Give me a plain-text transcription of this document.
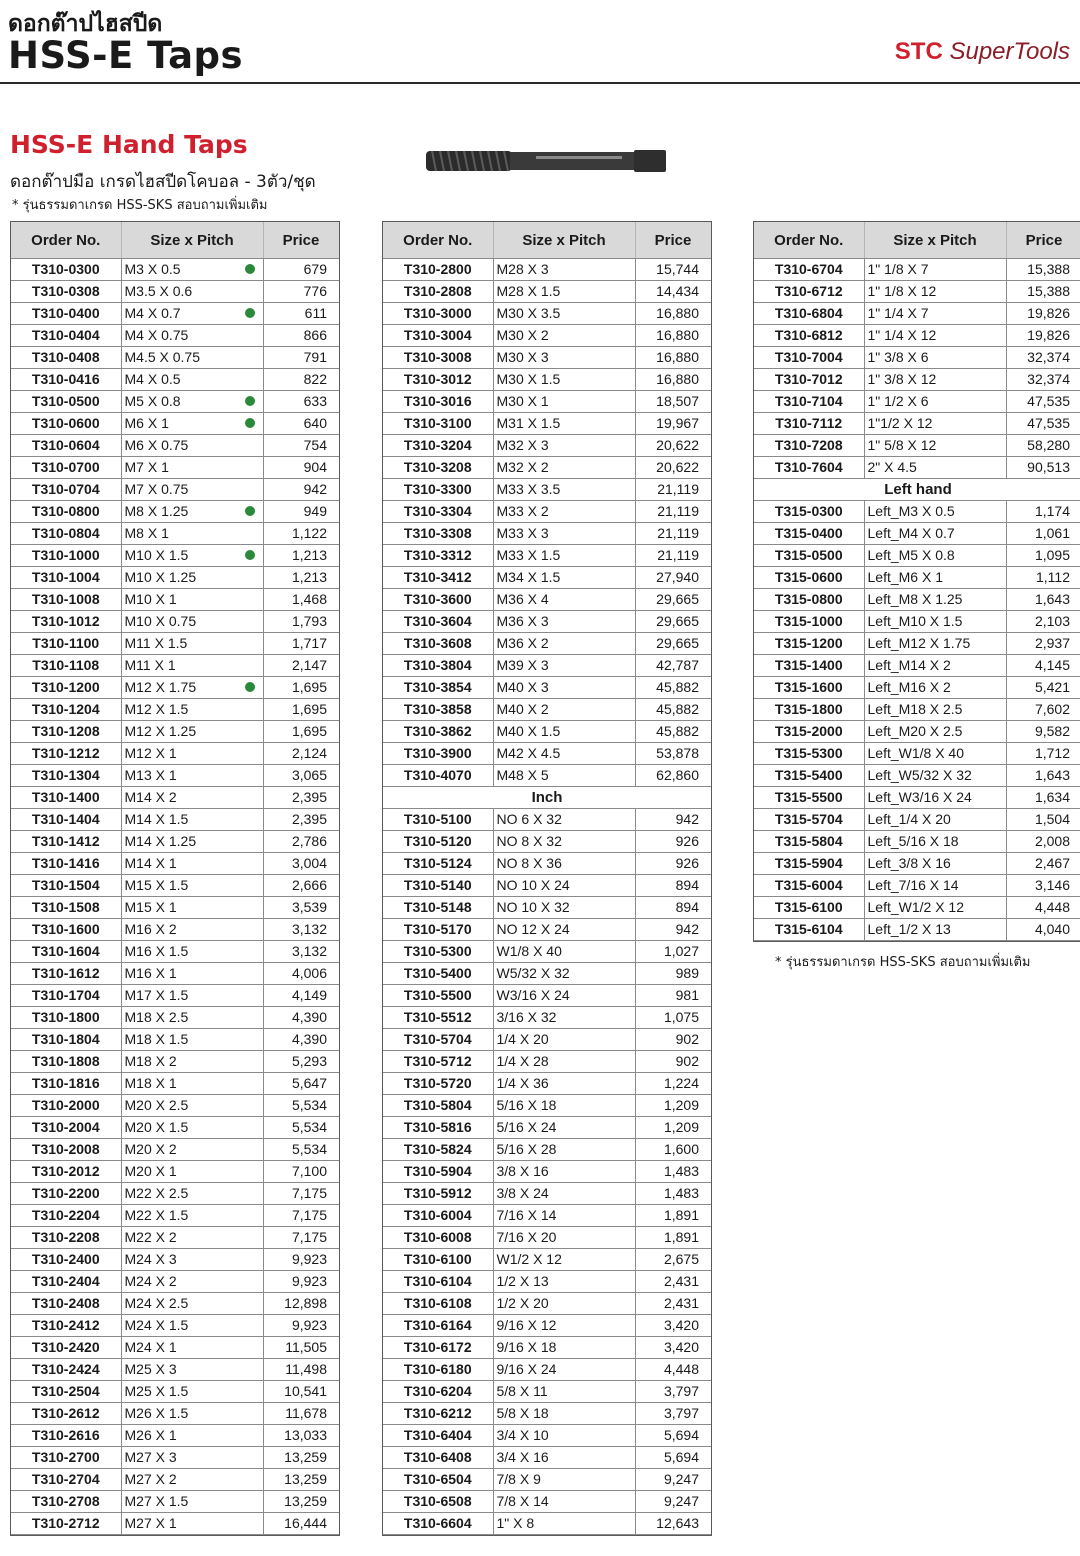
ดอกต๊าปไฮสปีด
HSS-E Taps	STC SuperTools
HSS-E Hand Taps
ดอกต๊าปมือ เกรดไฮสปีดโคบอล - 3ตัว/ชุด
* รุ่นธรรมดาเกรด HSS-SKS สอบถามเพิ่มเติม
Order No.	Size x Pitch	Price
T310-0300	M3 X 0.5	679
T310-0308	M3.5 X 0.6	776
T310-0400	M4 X 0.7	611
T310-0404	M4 X 0.75	866
T310-0408	M4.5 X 0.75	791
T310-0416	M4 X 0.5	822
T310-0500	M5 X 0.8	633
T310-0600	M6 X 1	640
T310-0604	M6 X 0.75	754
T310-0700	M7 X 1	904
T310-0704	M7 X 0.75	942
T310-0800	M8 X 1.25	949
T310-0804	M8 X 1	1,122
T310-1000	M10 X 1.5	1,213
T310-1004	M10 X 1.25	1,213
T310-1008	M10 X 1	1,468
T310-1012	M10 X 0.75	1,793
T310-1100	M11 X 1.5	1,717
T310-1108	M11 X 1	2,147
T310-1200	M12 X 1.75	1,695
T310-1204	M12 X 1.5	1,695
T310-1208	M12 X 1.25	1,695
T310-1212	M12 X 1	2,124
T310-1304	M13 X 1	3,065
T310-1400	M14 X 2	2,395
T310-1404	M14 X 1.5	2,395
T310-1412	M14 X 1.25	2,786
T310-1416	M14 X 1	3,004
T310-1504	M15 X 1.5	2,666
T310-1508	M15 X 1	3,539
T310-1600	M16 X 2	3,132
T310-1604	M16 X 1.5	3,132
T310-1612	M16 X 1	4,006
T310-1704	M17 X 1.5	4,149
T310-1800	M18 X 2.5	4,390
T310-1804	M18 X 1.5	4,390
T310-1808	M18 X 2	5,293
T310-1816	M18 X 1	5,647
T310-2000	M20 X 2.5	5,534
T310-2004	M20 X 1.5	5,534
T310-2008	M20 X 2	5,534
T310-2012	M20 X 1	7,100
T310-2200	M22 X 2.5	7,175
T310-2204	M22 X 1.5	7,175
T310-2208	M22 X 2	7,175
T310-2400	M24 X 3	9,923
T310-2404	M24 X 2	9,923
T310-2408	M24 X 2.5	12,898
T310-2412	M24 X 1.5	9,923
T310-2420	M24 X 1	11,505
T310-2424	M25 X 3	11,498
T310-2504	M25 X 1.5	10,541
T310-2612	M26 X 1.5	11,678
T310-2616	M26 X 1	13,033
T310-2700	M27 X 3	13,259
T310-2704	M27 X 2	13,259
T310-2708	M27 X 1.5	13,259
T310-2712	M27 X 1	16,444
Order No.	Size x Pitch	Price
T310-2800	M28 X 3	15,744
T310-2808	M28 X 1.5	14,434
T310-3000	M30 X 3.5	16,880
T310-3004	M30 X 2	16,880
T310-3008	M30 X 3	16,880
T310-3012	M30 X 1.5	16,880
T310-3016	M30 X 1	18,507
T310-3100	M31 X 1.5	19,967
T310-3204	M32 X 3	20,622
T310-3208	M32 X 2	20,622
T310-3300	M33 X 3.5	21,119
T310-3304	M33 X 2	21,119
T310-3308	M33 X 3	21,119
T310-3312	M33 X 1.5	21,119
T310-3412	M34 X 1.5	27,940
T310-3600	M36 X 4	29,665
T310-3604	M36 X 3	29,665
T310-3608	M36 X 2	29,665
T310-3804	M39 X 3	42,787
T310-3854	M40 X 3	45,882
T310-3858	M40 X 2	45,882
T310-3862	M40 X 1.5	45,882
T310-3900	M42 X 4.5	53,878
T310-4070	M48 X 5	62,860
Inch		
T310-5100	NO 6 X 32	942
T310-5120	NO 8 X 32	926
T310-5124	NO 8 X 36	926
T310-5140	NO 10 X 24	894
T310-5148	NO 10 X 32	894
T310-5170	NO 12 X 24	942
T310-5300	W1/8 X 40	1,027
T310-5400	W5/32 X 32	989
T310-5500	W3/16 X 24	981
T310-5512	3/16 X 32	1,075
T310-5704	1/4 X 20	902
T310-5712	1/4 X 28	902
T310-5720	1/4 X 36	1,224
T310-5804	5/16 X 18	1,209
T310-5816	5/16 X 24	1,209
T310-5824	5/16 X 28	1,600
T310-5904	3/8 X 16	1,483
T310-5912	3/8 X 24	1,483
T310-6004	7/16 X 14	1,891
T310-6008	7/16 X 20	1,891
T310-6100	W1/2 X 12	2,675
T310-6104	1/2 X 13	2,431
T310-6108	1/2 X 20	2,431
T310-6164	9/16 X 12	3,420
T310-6172	9/16 X 18	3,420
T310-6180	9/16 X 24	4,448
T310-6204	5/8 X 11	3,797
T310-6212	5/8 X 18	3,797
T310-6404	3/4 X 10	5,694
T310-6408	3/4 X 16	5,694
T310-6504	7/8 X 9	9,247
T310-6508	7/8 X 14	9,247
T310-6604	1" X 8	12,643
Order No.	Size x Pitch	Price
T310-6704	1" 1/8 X 7	15,388
T310-6712	1" 1/8 X 12	15,388
T310-6804	1" 1/4 X 7	19,826
T310-6812	1" 1/4 X 12	19,826
T310-7004	1" 3/8 X 6	32,374
T310-7012	1" 3/8 X 12	32,374
T310-7104	1" 1/2 X 6	47,535
T310-7112	1"1/2 X 12	47,535
T310-7208	1" 5/8 X 12	58,280
T310-7604	2" X 4.5	90,513
Left hand		
T315-0300	Left_M3 X 0.5	1,174
T315-0400	Left_M4 X 0.7	1,061
T315-0500	Left_M5 X 0.8	1,095
T315-0600	Left_M6 X 1	1,112
T315-0800	Left_M8 X 1.25	1,643
T315-1000	Left_M10 X 1.5	2,103
T315-1200	Left_M12 X 1.75	2,937
T315-1400	Left_M14 X 2	4,145
T315-1600	Left_M16 X 2	5,421
T315-1800	Left_M18 X 2.5	7,602
T315-2000	Left_M20 X 2.5	9,582
T315-5300	Left_W1/8 X 40	1,712
T315-5400	Left_W5/32 X 32	1,643
T315-5500	Left_W3/16 X 24	1,634
T315-5704	Left_1/4 X 20	1,504
T315-5804	Left_5/16 X 18	2,008
T315-5904	Left_3/8 X 16	2,467
T315-6004	Left_7/16 X 14	3,146
T315-6100	Left_W1/2 X 12	4,448
T315-6104	Left_1/2 X 13	4,040
* รุ่นธรรมดาเกรด HSS-SKS สอบถามเพิ่มเติม
